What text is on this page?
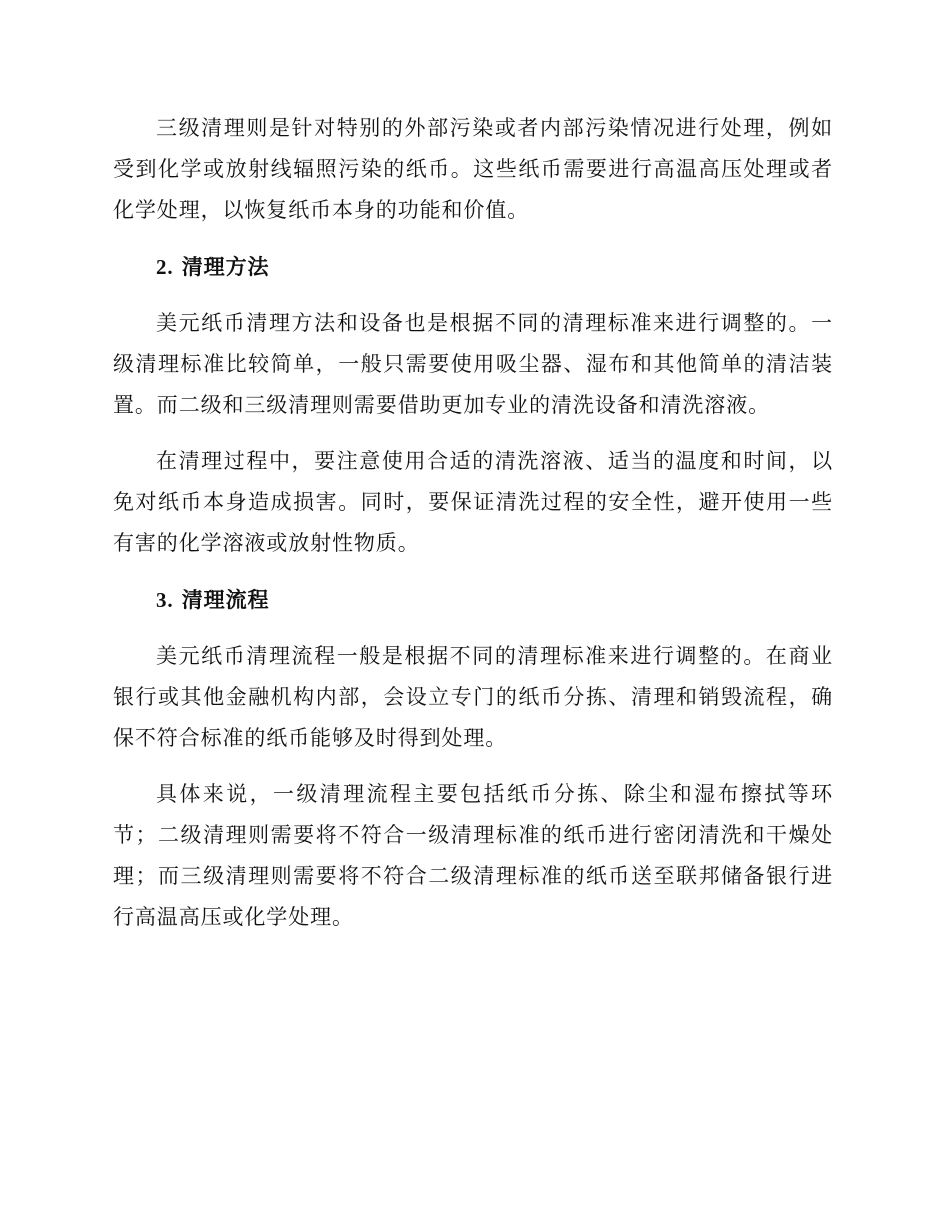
三级清理则是针对特别的外部污染或者内部污染情况进行处理，例如受到化学或放射线辐照污染的纸币。这些纸币需要进行高温高压处理或者化学处理，以恢复纸币本身的功能和价值。

2. 清理方法

美元纸币清理方法和设备也是根据不同的清理标准来进行调整的。一级清理标准比较简单，一般只需要使用吸尘器、湿布和其他简单的清洁装置。而二级和三级清理则需要借助更加专业的清洗设备和清洗溶液。

在清理过程中，要注意使用合适的清洗溶液、适当的温度和时间，以免对纸币本身造成损害。同时，要保证清洗过程的安全性，避开使用一些有害的化学溶液或放射性物质。

3. 清理流程

美元纸币清理流程一般是根据不同的清理标准来进行调整的。在商业银行或其他金融机构内部，会设立专门的纸币分拣、清理和销毁流程，确保不符合标准的纸币能够及时得到处理。

具体来说，一级清理流程主要包括纸币分拣、除尘和湿布擦拭等环节；二级清理则需要将不符合一级清理标准的纸币进行密闭清洗和干燥处理；而三级清理则需要将不符合二级清理标准的纸币送至联邦储备银行进行高温高压或化学处理。
